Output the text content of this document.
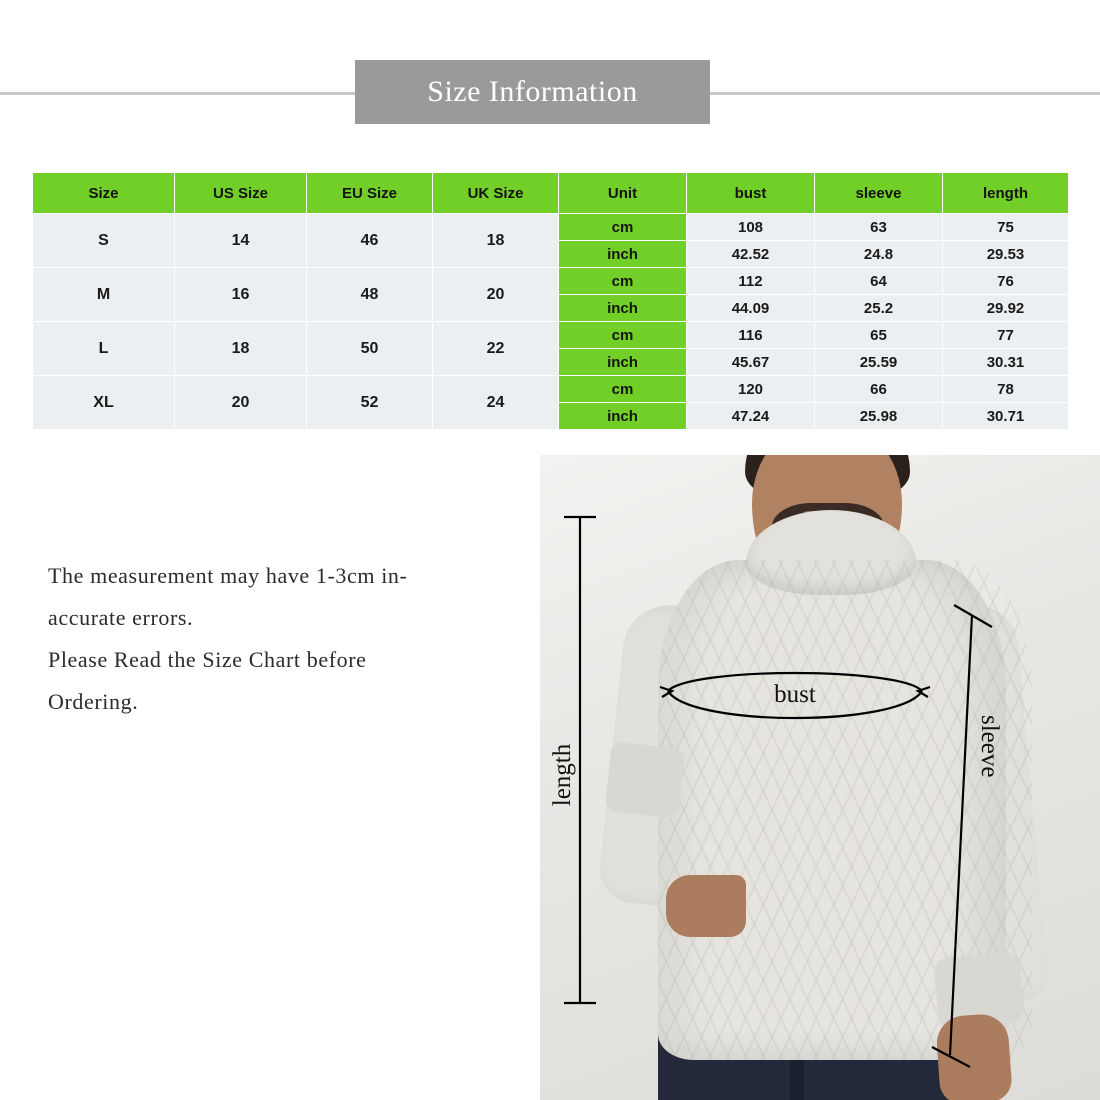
Size Information
Size	US Size	EU Size	UK Size	Unit	bust	sleeve	length
S	14	46	18	cm	108	63	75
				inch	42.52	24.8	29.53
M	16	48	20	cm	112	64	76
				inch	44.09	25.2	29.92
L	18	50	22	cm	116	65	77
				inch	45.67	25.59	30.31
XL	20	52	24	cm	120	66	78
				inch	47.24	25.98	30.71

The measurement may have 1-3cm in-

accurate errors.

Please Read the Size Chart before

Ordering.

length
bust
sleeve
